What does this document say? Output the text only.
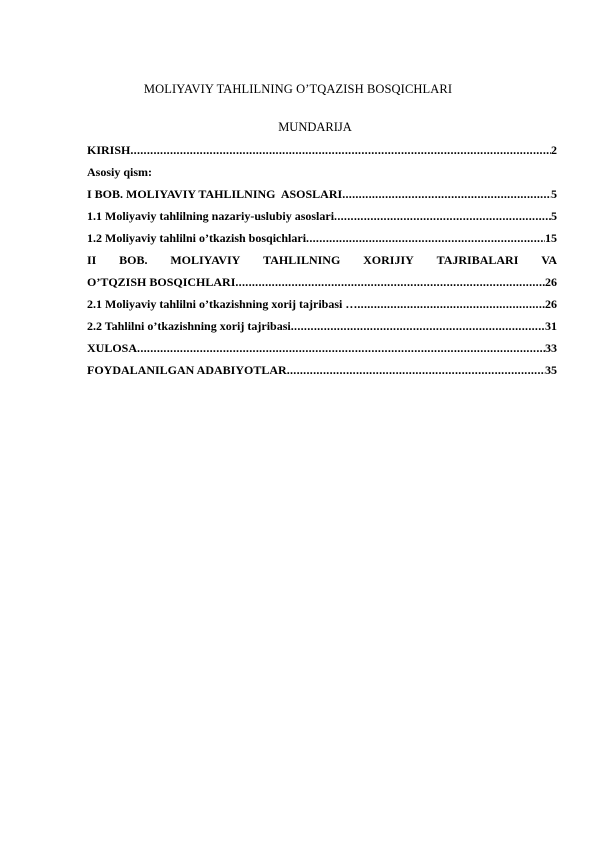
MOLIYAVIY TAHLILNING O’TQAZISH BOSQICHLARI
MUNDARIJA
KIRISH .....	2
Asosiy qism:
I BOB. MOLIYAVIY TAHLILNING  ASOSLARI .....	5
1.1 Moliyaviy tahlilning nazariy-uslubiy asoslari .....	5
1.2 Moliyaviy tahlilni o’tkazish bosqichlari .....	15
II BOB. MOLIYAVIY TAHLILNING XORIJIY TAJRIBALARI VA
O’TQZISH BOSQICHLARI .....	26
2.1 Moliyaviy tahlilni o’tkazishning xorij tajribasi … .....	26
2.2 Tahlilni o’tkazishning xorij tajribasi .....	31
XULOSA .....	33
FOYDALANILGAN ADABIYOTLAR .....	35
